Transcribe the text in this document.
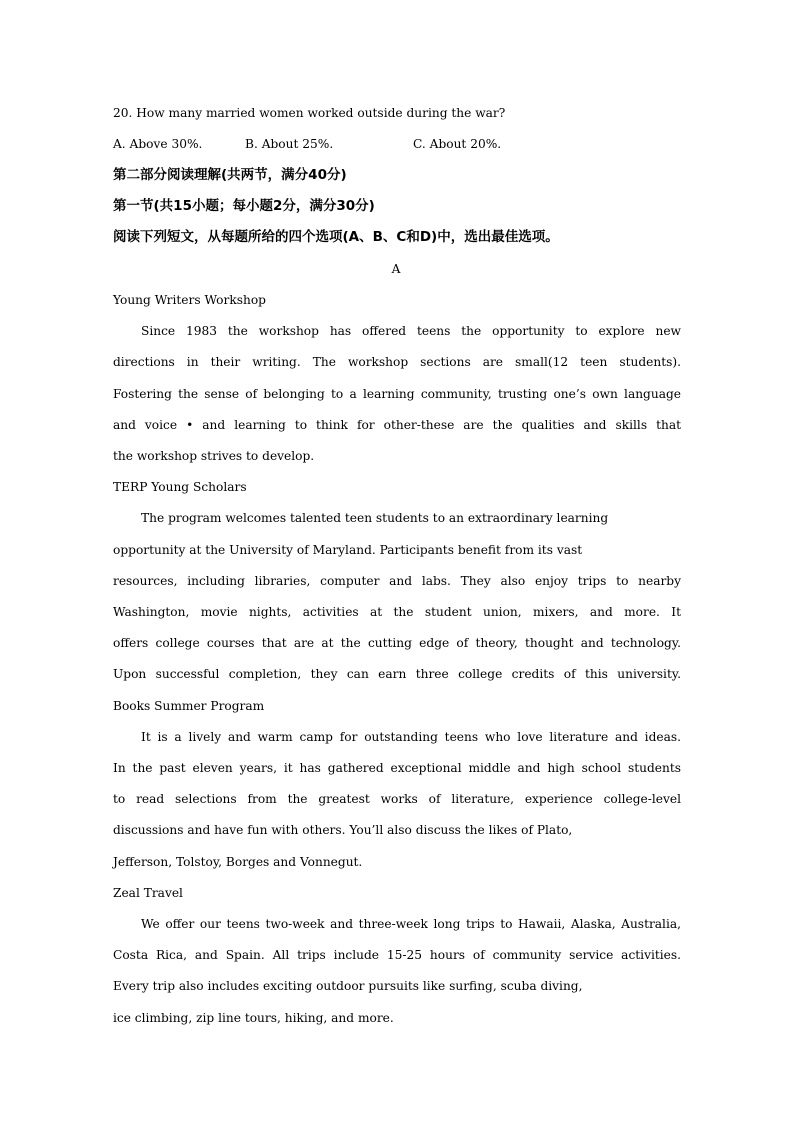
20. How many married women worked outside during the war?
A. Above 30%.	B. About 25%.	C. About 20%.
第二部分阅读理解(共两节，满分40分)
第一节(共15小题；每小题2分，满分30分)
阅读下列短文，从每题所给的四个选项(A、B、C和D)中，选出最佳选项。
A
Young Writers Workshop
Since 1983 the workshop has offered teens the opportunity to explore new
directions in their writing. The workshop sections are small(12 teen students).
Fostering the sense of belonging to a learning community, trusting one’s own language
and voice • and learning to think for other-these are the qualities and skills that
the workshop strives to develop.
TERP Young Scholars
The program welcomes talented teen students to an extraordinary learning
opportunity at the University of Maryland. Participants benefit from its vast
resources, including libraries, computer and labs. They also enjoy trips to nearby
Washington, movie nights, activities at the student union, mixers, and more. It
offers college courses that are at the cutting edge of theory, thought and technology.
Upon successful completion, they can earn three college credits of this university.
Books Summer Program
It is a lively and warm camp for outstanding teens who love literature and ideas.
In the past eleven years, it has gathered exceptional middle and high school students
to read selections from the greatest works of literature, experience college-level
discussions and have fun with others. You’ll also discuss the likes of Plato,
Jefferson, Tolstoy, Borges and Vonnegut.
Zeal Travel
We offer our teens two-week and three-week long trips to Hawaii, Alaska, Australia,
Costa Rica, and Spain. All trips include 15-25 hours of community service activities.
Every trip also includes exciting outdoor pursuits like surfing, scuba diving,
ice climbing, zip line tours, hiking, and more.
